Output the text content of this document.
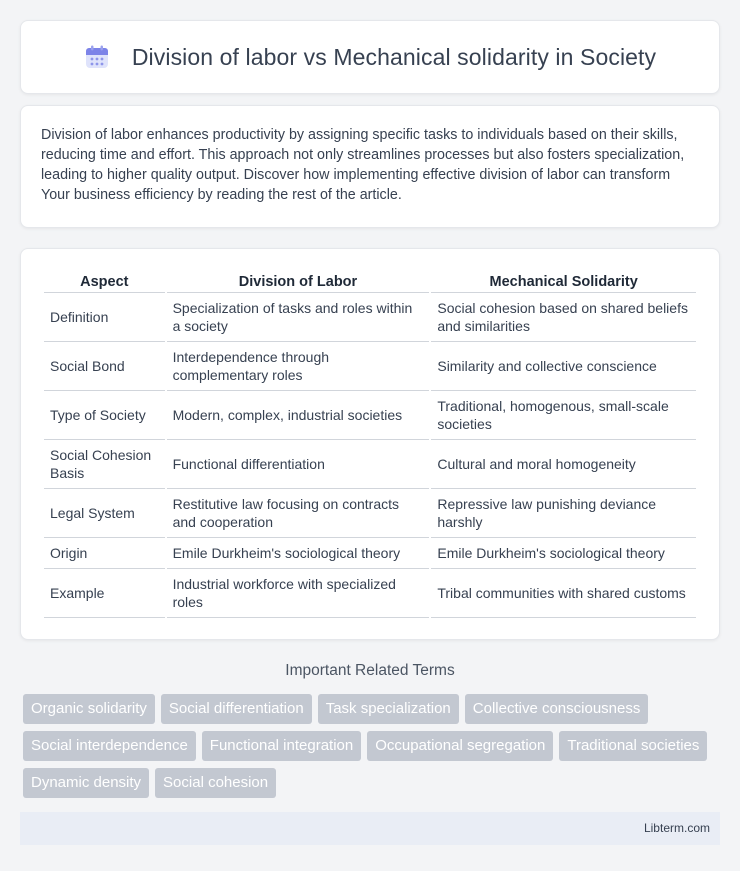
Division of labor vs Mechanical solidarity in Society

Division of labor enhances productivity by assigning specific tasks to individuals based on their skills, reducing time and effort. This approach not only streamlines processes but also fosters specialization, leading to higher quality output. Discover how implementing effective division of labor can transform Your business efficiency by reading the rest of the article.

Aspect	Division of Labor	Mechanical Solidarity
Definition	Specialization of tasks and roles within a society	Social cohesion based on shared beliefs and similarities
Social Bond	Interdependence through complementary roles	Similarity and collective conscience
Type of Society	Modern, complex, industrial societies	Traditional, homogenous, small-scale societies
Social Cohesion Basis	Functional differentiation	Cultural and moral homogeneity
Legal System	Restitutive law focusing on contracts and cooperation	Repressive law punishing deviance harshly
Origin	Emile Durkheim's sociological theory	Emile Durkheim's sociological theory
Example	Industrial workforce with specialized roles	Tribal communities with shared customs
Important Related Terms
Organic solidarity	Social differentiation	Task specialization	Collective consciousness
Social interdependence	Functional integration	Occupational segregation	Traditional societies
Dynamic density	Social cohesion
Libterm.com
